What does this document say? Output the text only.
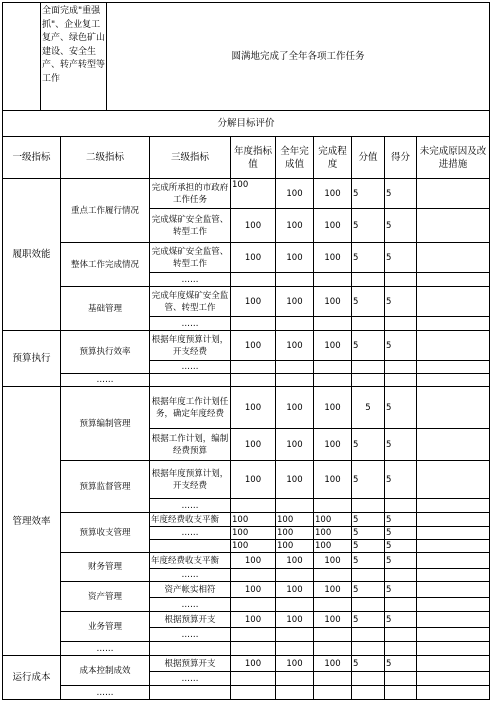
	全面完成"重强抓"、企业复工复产、绿色矿山建设、安全生产、转产转型等工作	圆满地完成了全年各项工作任务
分解目标评价								
一级指标	二级指标	三级指标	年度指标值	全年完成值	完成程度	分值	得分	未完成原因及改进措施
履职效能	重点工作履行情况	完成所承担的市政府工作任务	100	100	100	5	5	
		完成煤矿安全监管、转型工作	100	100	100	5	5	
	整体工作完成情况	完成煤矿安全监管、转型工作	100	100	100	5	5	
		……						
	基础管理	完成年度煤矿安全监管、转型工作	100	100	100	5	5	
		……						
预算执行	预算执行效率	根据年度预算计划，开支经费	100	100	100	5	5	
		……						
	……							
管理效率	预算编制管理	根据年度工作计划任务，确定年度经费	100	100	100	5	5	
		根据工作计划，编制经费预算	100	100	100	5	5	
	预算监督管理	根据年度预算计划，开支经费	100	100	100	5	5	
		……						
	预算收支管理	年度经费收支平衡	100	100	100	5	5	
		……	100	100	100	5	5	
			100	100	100	5	5	
	财务管理	年度经费收支平衡	100	100	100	5	5	
		……						
	资产管理	资产帐实相符	100	100	100	5	5	
		……						
	业务管理	根据预算开支	100	100	100	5	5	
		……						
	……							
运行成本	成本控制成效	根据预算开支	100	100	100	5	5	
		……						
	……							
